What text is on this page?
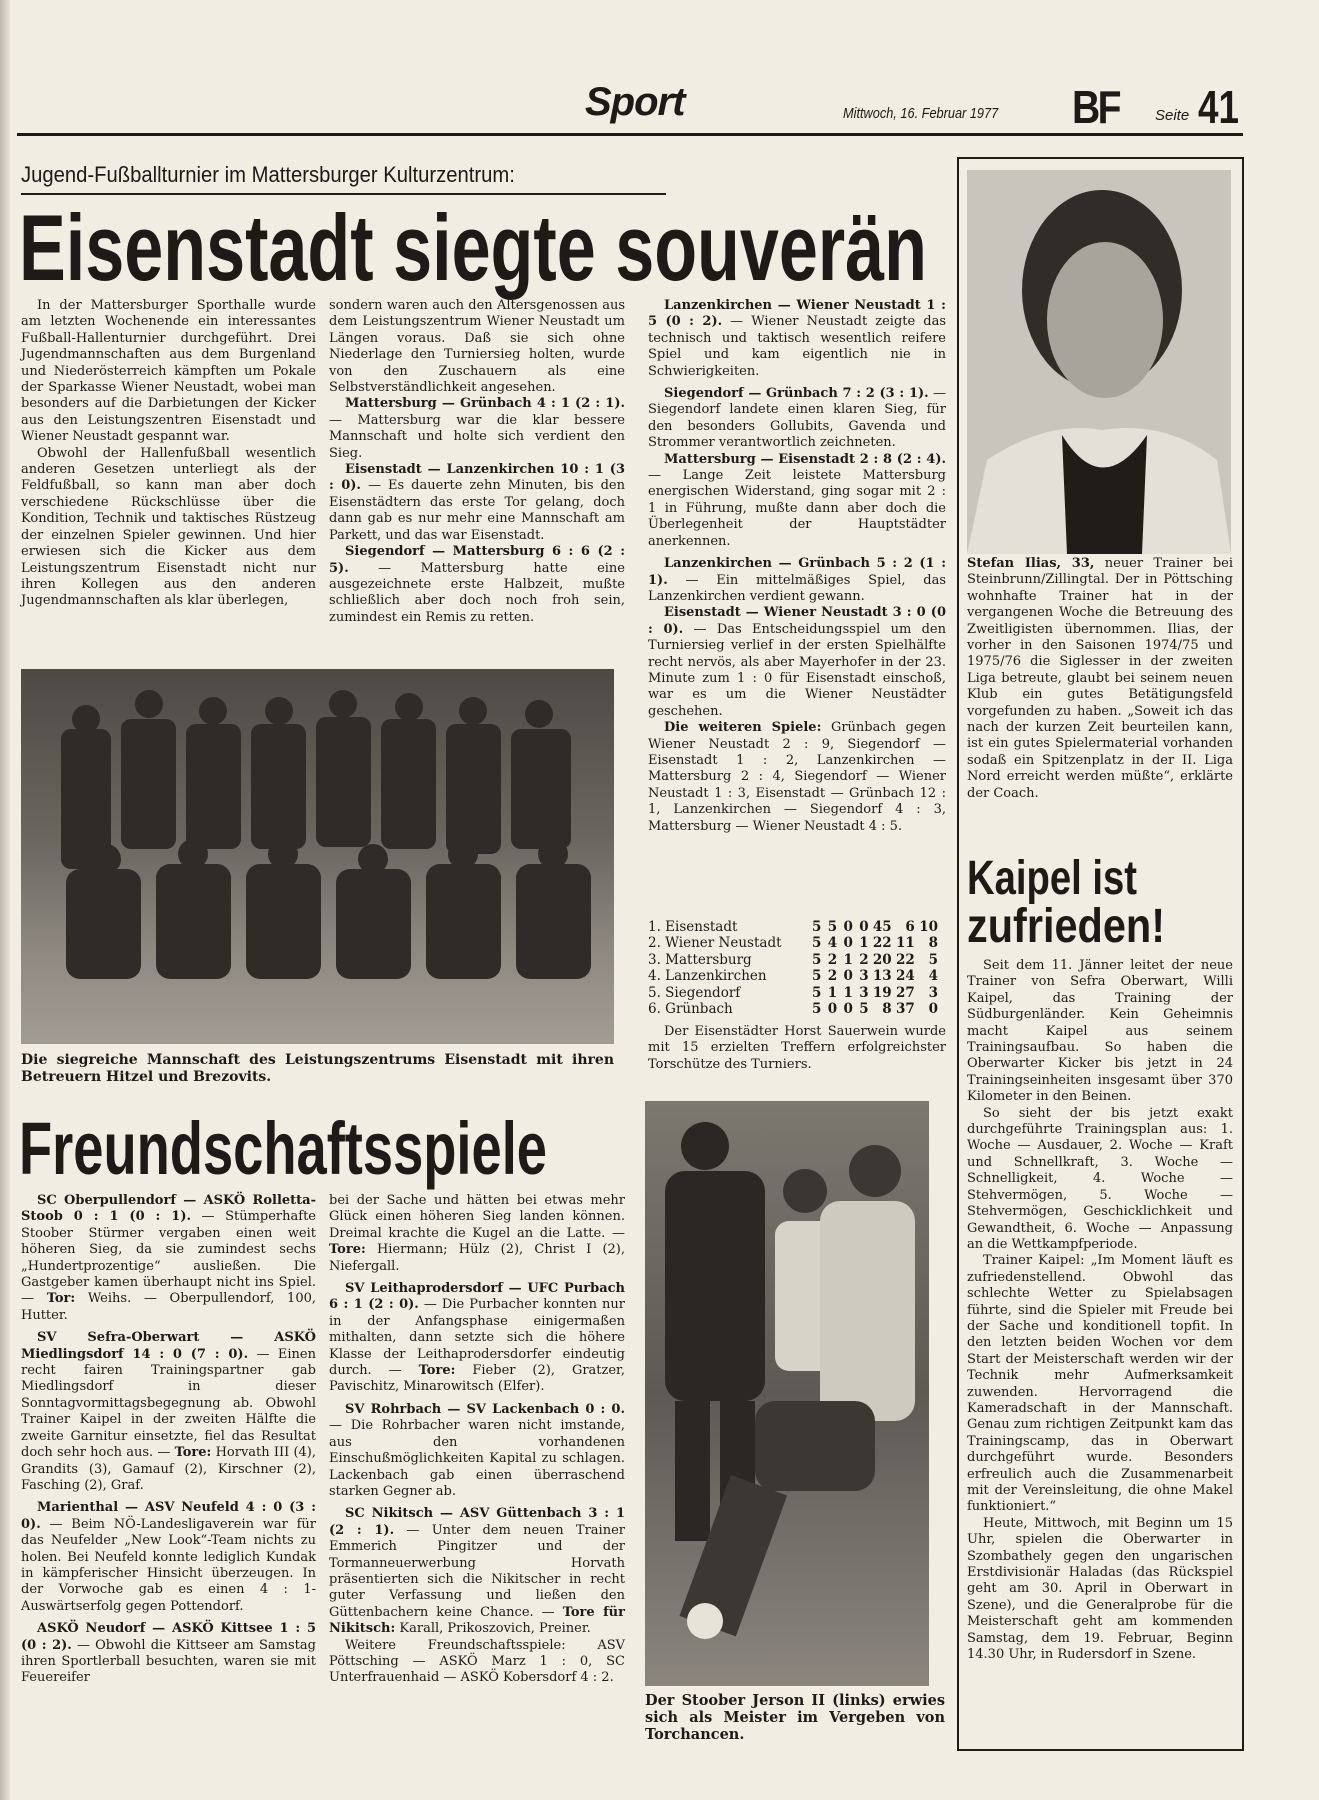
Sport	Mittwoch, 16. Februar 1977 BF Seite 41
Jugend-Fußballturnier im Mattersburger Kulturzentrum:
Eisenstadt siegte souverän

In der Mattersburger Sporthalle wurde am letzten Wochenende ein interessantes Fußball-Hallenturnier durchgeführt. Drei Jugendmannschaften aus dem Burgenland und Niederösterreich kämpften um Pokale der Sparkasse Wiener Neustadt, wobei man besonders auf die Darbietungen der Kicker aus den Leistungszentren Eisenstadt und Wiener Neustadt gespannt war.

Obwohl der Hallenfußball wesentlich anderen Gesetzen unterliegt als der Feldfußball, so kann man aber doch verschiedene Rückschlüsse über die Kondition, Technik und taktisches Rüstzeug der einzelnen Spieler gewinnen. Und hier erwiesen sich die Kicker aus dem Leistungszentrum Eisenstadt nicht nur ihren Kollegen aus den anderen Jugendmannschaften als klar überlegen,

sondern waren auch den Altersgenossen aus dem Leistungszentrum Wiener Neustadt um Längen voraus. Daß sie sich ohne Niederlage den Turniersieg holten, wurde von den Zuschauern als eine Selbstverständlichkeit angesehen.

Mattersburg — Grünbach 4 : 1 (2 : 1). — Mattersburg war die klar bessere Mannschaft und holte sich verdient den Sieg.

Eisenstadt — Lanzenkirchen 10 : 1 (3 : 0). — Es dauerte zehn Minuten, bis den Eisenstädtern das erste Tor gelang, doch dann gab es nur mehr eine Mannschaft am Parkett, und das war Eisenstadt.

Siegendorf — Mattersburg 6 : 6 (2 : 5). — Mattersburg hatte eine ausgezeichnete erste Halbzeit, mußte schließlich aber doch noch froh sein, zumindest ein Remis zu retten.

Lanzenkirchen — Wiener Neustadt 1 : 5 (0 : 2). — Wiener Neustadt zeigte das technisch und taktisch wesentlich reifere Spiel und kam eigentlich nie in Schwierigkeiten.

Siegendorf — Grünbach 7 : 2 (3 : 1). — Siegendorf landete einen klaren Sieg, für den besonders Gollubits, Gavenda und Strommer verantwortlich zeichneten.

Mattersburg — Eisenstadt 2 : 8 (2 : 4). — Lange Zeit leistete Mattersburg energischen Widerstand, ging sogar mit 2 : 1 in Führung, mußte dann aber doch die Überlegenheit der Hauptstädter anerkennen.

Lanzenkirchen — Grünbach 5 : 2 (1 : 1). — Ein mittelmäßiges Spiel, das Lanzenkirchen verdient gewann.

Eisenstadt — Wiener Neustadt 3 : 0 (0 : 0). — Das Entscheidungsspiel um den Turniersieg verlief in der ersten Spielhälfte recht nervös, als aber Mayerhofer in der 23. Minute zum 1 : 0 für Eisenstadt einschoß, war es um die Wiener Neustädter geschehen.

Die weiteren Spiele: Grünbach gegen Wiener Neustadt 2 : 9, Siegendorf — Eisenstadt 1 : 2, Lanzenkirchen — Mattersburg 2 : 4, Siegendorf — Wiener Neustadt 1 : 3, Eisenstadt — Grünbach 12 : 1, Lanzenkirchen — Siegendorf 4 : 3, Mattersburg — Wiener Neustadt 4 : 5.

1. Eisenstadt	5	5	0	0	45	6	10
2. Wiener Neustadt	5	4	0	1	22	11	8
3. Mattersburg	5	2	1	2	20	22	5
4. Lanzenkirchen	5	2	0	3	13	24	4
5. Siegendorf	5	1	1	3	19	27	3
6. Grünbach	5	0	0	5	8	37	0

Der Eisenstädter Horst Sauerwein wurde mit 15 erzielten Treffern erfolgreichster Torschütze des Turniers.

Die siegreiche Mannschaft des Leistungszentrums Eisenstadt mit ihren Betreuern Hitzel und Brezovits.
Freundschaftsspiele

SC Oberpullendorf — ASKÖ Rolletta-Stoob 0 : 1 (0 : 1). — Stümperhafte Stoober Stürmer vergaben einen weit höheren Sieg, da sie zumindest sechs „Hundertprozentige“ ausließen. Die Gastgeber kamen überhaupt nicht ins Spiel. — Tor: Weihs. — Oberpullendorf, 100, Hutter.

SV Sefra-Oberwart — ASKÖ Miedlingsdorf 14 : 0 (7 : 0). — Einen recht fairen Trainingspartner gab Miedlingsdorf in dieser Sonntagvormittagsbegegnung ab. Obwohl Trainer Kaipel in der zweiten Hälfte die zweite Garnitur einsetzte, fiel das Resultat doch sehr hoch aus. — Tore: Horvath III (4), Grandits (3), Gamauf (2), Kirschner (2), Fasching (2), Graf.

Marienthal — ASV Neufeld 4 : 0 (3 : 0). — Beim NÖ-Landesligaverein war für das Neufelder „New Look“-Team nichts zu holen. Bei Neufeld konnte lediglich Kundak in kämpferischer Hinsicht überzeugen. In der Vorwoche gab es einen 4 : 1-Auswärtserfolg gegen Pottendorf.

ASKÖ Neudorf — ASKÖ Kittsee 1 : 5 (0 : 2). — Obwohl die Kittseer am Samstag ihren Sportlerball besuchten, waren sie mit Feuereifer

bei der Sache und hätten bei etwas mehr Glück einen höheren Sieg landen können. Dreimal krachte die Kugel an die Latte. — Tore: Hiermann; Hülz (2), Christ I (2), Niefergall.

SV Leithaprodersdorf — UFC Purbach 6 : 1 (2 : 0). — Die Purbacher konnten nur in der Anfangsphase einigermaßen mithalten, dann setzte sich die höhere Klasse der Leithaprodersdorfer eindeutig durch. — Tore: Fieber (2), Gratzer, Pavischitz, Minarowitsch (Elfer).

SV Rohrbach — SV Lackenbach 0 : 0. — Die Rohrbacher waren nicht imstande, aus den vorhandenen Einschußmöglichkeiten Kapital zu schlagen. Lackenbach gab einen überraschend starken Gegner ab.

SC Nikitsch — ASV Güttenbach 3 : 1 (2 : 1). — Unter dem neuen Trainer Emmerich Pingitzer und der Tormanneuerwerbung Horvath präsentierten sich die Nikitscher in recht guter Verfassung und ließen den Güttenbachern keine Chance. — Tore für Nikitsch: Karall, Prikoszovich, Preiner.

Weitere Freundschaftsspiele: ASV Pöttsching — ASKÖ Marz 1 : 0, SC Unterfrauenhaid — ASKÖ Kobersdorf 4 : 2.

Der Stoober Jerson II (links) erwies sich als Meister im Vergeben von Torchancen.

Stefan Ilias, 33, neuer Trainer bei Steinbrunn/Zillingtal. Der in Pöttsching wohnhafte Trainer hat in der vergangenen Woche die Betreuung des Zweitligisten übernommen. Ilias, der vorher in den Saisonen 1974/75 und 1975/76 die Siglesser in der zweiten Liga betreute, glaubt bei seinem neuen Klub ein gutes Betätigungsfeld vorgefunden zu haben. „Soweit ich das nach der kurzen Zeit beurteilen kann, ist ein gutes Spielermaterial vorhanden sodaß ein Spitzenplatz in der II. Liga Nord erreicht werden müßte“, erklärte der Coach.

Kaipel ist
zufrieden!

Seit dem 11. Jänner leitet der neue Trainer von Sefra Oberwart, Willi Kaipel, das Training der Südburgenländer. Kein Geheimnis macht Kaipel aus seinem Trainingsaufbau. So haben die Oberwarter Kicker bis jetzt in 24 Trainingseinheiten insgesamt über 370 Kilometer in den Beinen.

So sieht der bis jetzt exakt durchgeführte Trainingsplan aus: 1. Woche — Ausdauer, 2. Woche — Kraft und Schnellkraft, 3. Woche — Schnelligkeit, 4. Woche — Stehvermögen, 5. Woche — Stehvermögen, Geschicklichkeit und Gewandtheit, 6. Woche — Anpassung an die Wettkampfperiode.

Trainer Kaipel: „Im Moment läuft es zufriedenstellend. Obwohl das schlechte Wetter zu Spielabsagen führte, sind die Spieler mit Freude bei der Sache und konditionell topfit. In den letzten beiden Wochen vor dem Start der Meisterschaft werden wir der Technik mehr Aufmerksamkeit zuwenden. Hervorragend die Kameradschaft in der Mannschaft. Genau zum richtigen Zeitpunkt kam das Trainingscamp, das in Oberwart durchgeführt wurde. Besonders erfreulich auch die Zusammenarbeit mit der Vereinsleitung, die ohne Makel funktioniert.“

Heute, Mittwoch, mit Beginn um 15 Uhr, spielen die Oberwarter in Szombathely gegen den ungarischen Erstdivisionär Haladas (das Rückspiel geht am 30. April in Oberwart in Szene), und die Generalprobe für die Meisterschaft geht am kommenden Samstag, dem 19. Februar, Beginn 14.30 Uhr, in Rudersdorf in Szene.
